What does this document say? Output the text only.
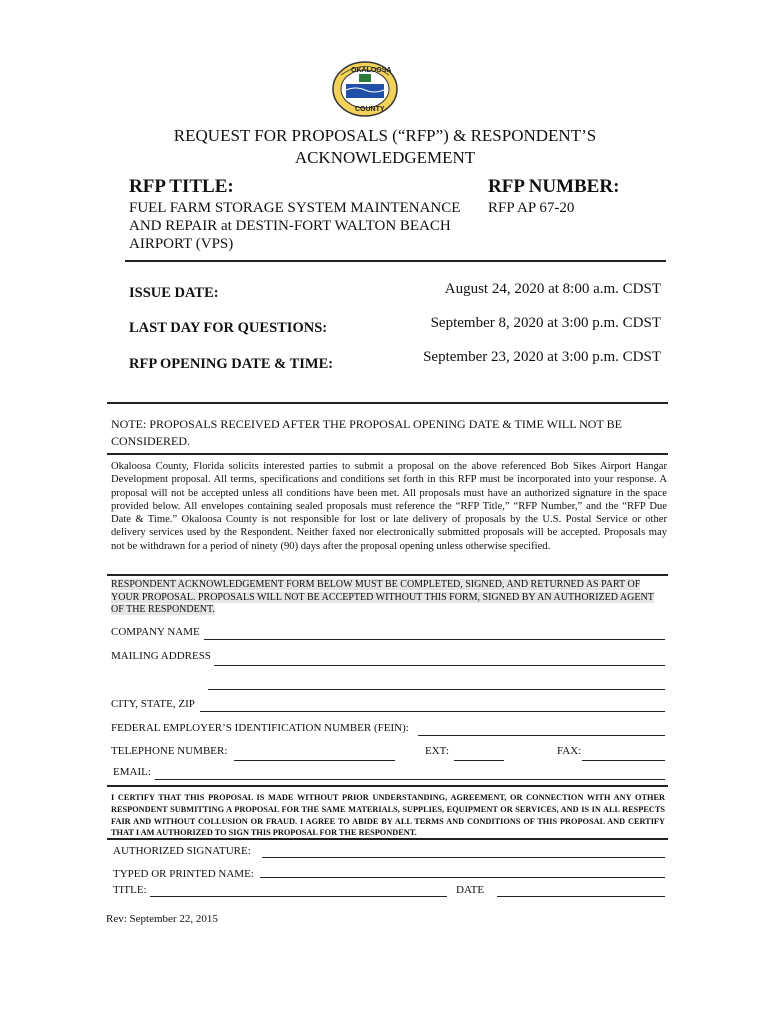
OKALOOSA
COUNTY
REQUEST FOR PROPOSALS (“RFP”) & RESPONDENT’S
ACKNOWLEDGEMENT
RFP TITLE:	RFP NUMBER:
FUEL FARM STORAGE SYSTEM MAINTENANCE
AND REPAIR at DESTIN-FORT WALTON BEACH
AIRPORT (VPS)
RFP AP 67-20
ISSUE DATE:	August 24, 2020 at 8:00 a.m. CDST
LAST DAY FOR QUESTIONS:	September 8, 2020 at 3:00 p.m. CDST
RFP OPENING DATE & TIME:	September 23, 2020 at 3:00 p.m. CDST
NOTE: PROPOSALS RECEIVED AFTER THE PROPOSAL OPENING DATE & TIME WILL NOT BE CONSIDERED.
Okaloosa County, Florida solicits interested parties to submit a proposal on the above referenced Bob Sikes Airport Hangar Development proposal. All terms, specifications and conditions set forth in this RFP must be incorporated into your response. A proposal will not be accepted unless all conditions have been met. All proposals must have an authorized signature in the space provided below. All envelopes containing sealed proposals must reference the “RFP Title,” “RFP Number,” and the “RFP Due Date & Time.” Okaloosa County is not responsible for lost or late delivery of proposals by the U.S. Postal Service or other delivery services used by the Respondent. Neither faxed nor electronically submitted proposals will be accepted. Proposals may not be withdrawn for a period of ninety (90) days after the proposal opening unless otherwise specified.
RESPONDENT ACKNOWLEDGEMENT FORM BELOW MUST BE COMPLETED, SIGNED, AND RETURNED AS PART OF YOUR PROPOSAL. PROPOSALS WILL NOT BE ACCEPTED WITHOUT THIS FORM, SIGNED BY AN AUTHORIZED AGENT OF THE RESPONDENT.
COMPANY NAME
MAILING ADDRESS
CITY, STATE, ZIP
FEDERAL EMPLOYER’S IDENTIFICATION NUMBER (FEIN):
TELEPHONE NUMBER:	EXT:	FAX:
EMAIL:
I CERTIFY THAT THIS PROPOSAL IS MADE WITHOUT PRIOR UNDERSTANDING, AGREEMENT, OR CONNECTION WITH ANY OTHER RESPONDENT SUBMITTING A PROPOSAL FOR THE SAME MATERIALS, SUPPLIES, EQUIPMENT OR SERVICES, AND IS IN ALL RESPECTS FAIR AND WITHOUT COLLUSION OR FRAUD. I AGREE TO ABIDE BY ALL TERMS AND CONDITIONS OF THIS PROPOSAL AND CERTIFY THAT I AM AUTHORIZED TO SIGN THIS PROPOSAL FOR THE RESPONDENT.
AUTHORIZED SIGNATURE:
TYPED OR PRINTED NAME:
TITLE:	DATE
Rev: September 22, 2015
